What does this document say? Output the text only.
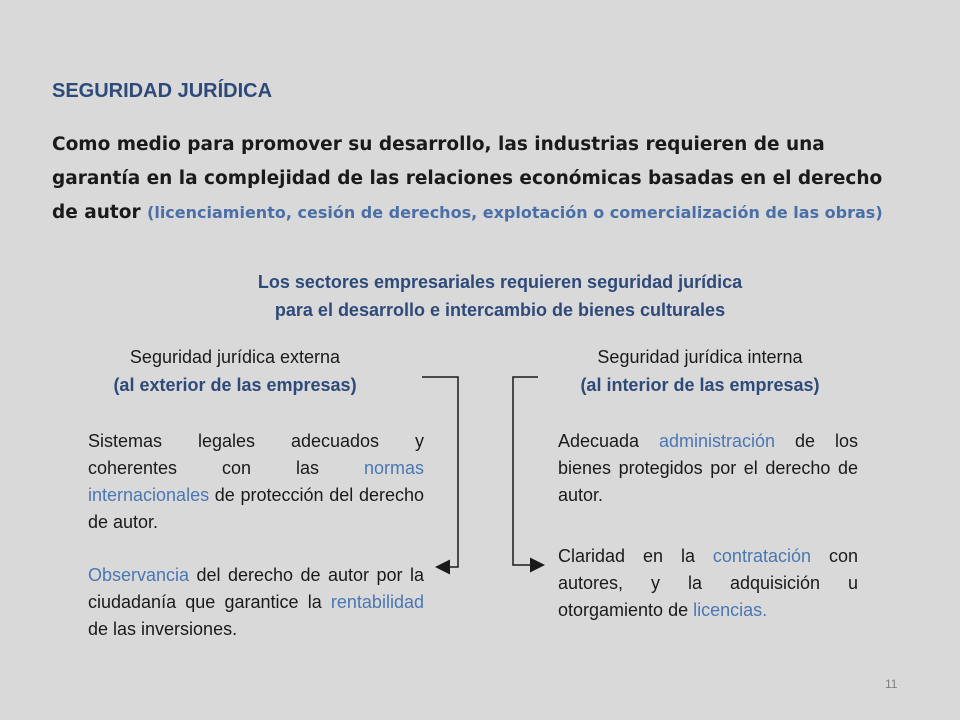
SEGURIDAD JURÍDICA
Como medio para promover su desarrollo, las industrias requieren de una garantía en la complejidad de las relaciones económicas basadas en el derecho de autor (licenciamiento, cesión de derechos, explotación o comercialización de las obras)
Los sectores empresariales requieren seguridad jurídica
para el desarrollo e intercambio de bienes culturales
Seguridad jurídica externa
(al exterior de las empresas)
Sistemas legales adecuados y coherentes con las normas internacionales de protección del derecho de autor.
Observancia del derecho de autor por la ciudadanía que garantice la rentabilidad de las inversiones.
Seguridad jurídica interna
(al interior de las empresas)
Adecuada administración de los bienes protegidos por el derecho de autor.
Claridad en la contratación con autores, y la adquisición u otorgamiento de licencias.
11
